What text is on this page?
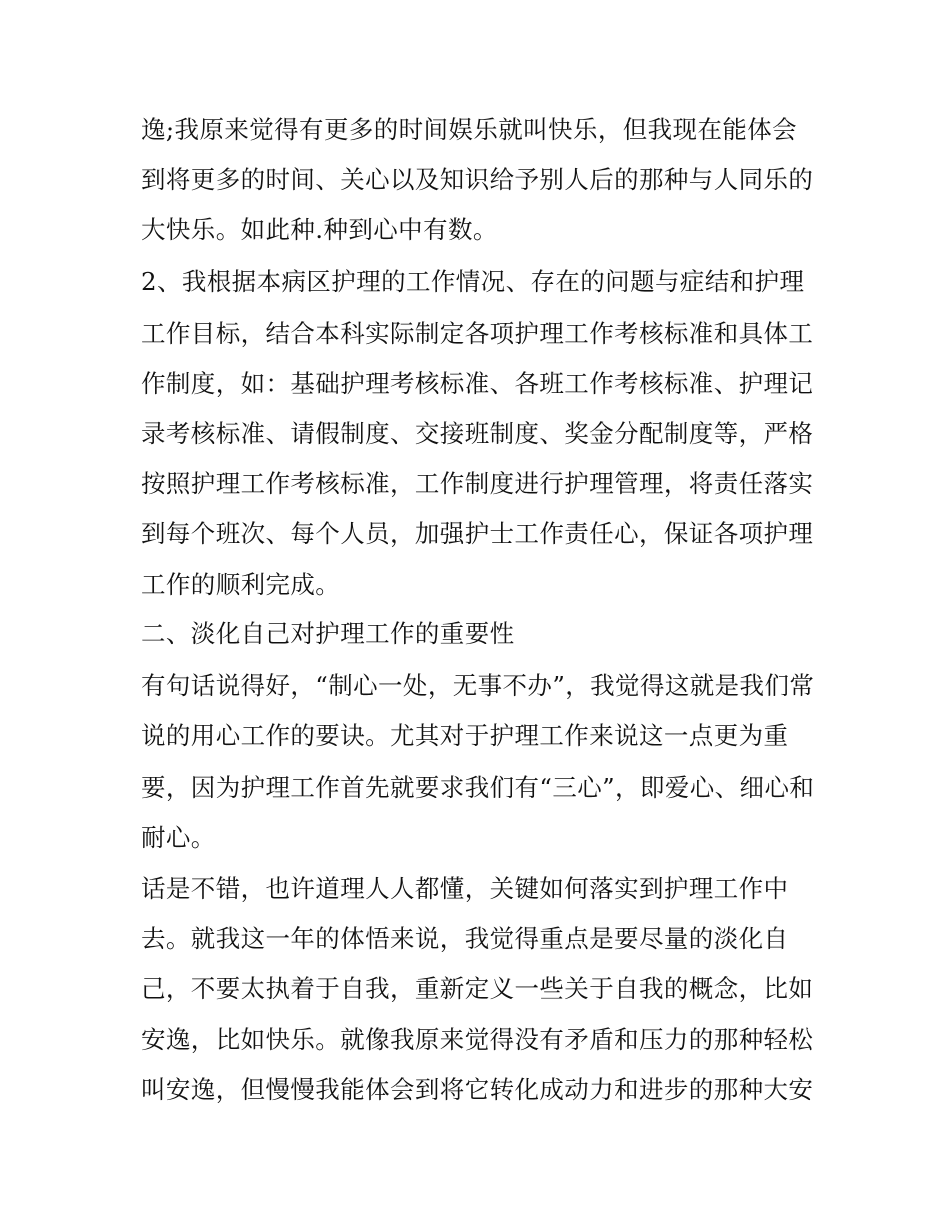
逸;我原来觉得有更多的时间娱乐就叫快乐，但我现在能体会
到将更多的时间、关心以及知识给予别人后的那种与人同乐的
大快乐。如此种.种到心中有数。
2、我根据本病区护理的工作情况、存在的问题与症结和护理
工作目标，结合本科实际制定各项护理工作考核标准和具体工
作制度，如：基础护理考核标准、各班工作考核标准、护理记
录考核标准、请假制度、交接班制度、奖金分配制度等，严格
按照护理工作考核标准，工作制度进行护理管理，将责任落实
到每个班次、每个人员，加强护士工作责任心，保证各项护理
工作的顺利完成。
二、淡化自己对护理工作的重要性
有句话说得好，“制心一处，无事不办”，我觉得这就是我们常
说的用心工作的要诀。尤其对于护理工作来说这一点更为重
要，因为护理工作首先就要求我们有“三心”，即爱心、细心和
耐心。
话是不错，也许道理人人都懂，关键如何落实到护理工作中
去。就我这一年的体悟来说，我觉得重点是要尽量的淡化自
己，不要太执着于自我，重新定义一些关于自我的概念，比如
安逸，比如快乐。就像我原来觉得没有矛盾和压力的那种轻松
叫安逸，但慢慢我能体会到将它转化成动力和进步的那种大安
